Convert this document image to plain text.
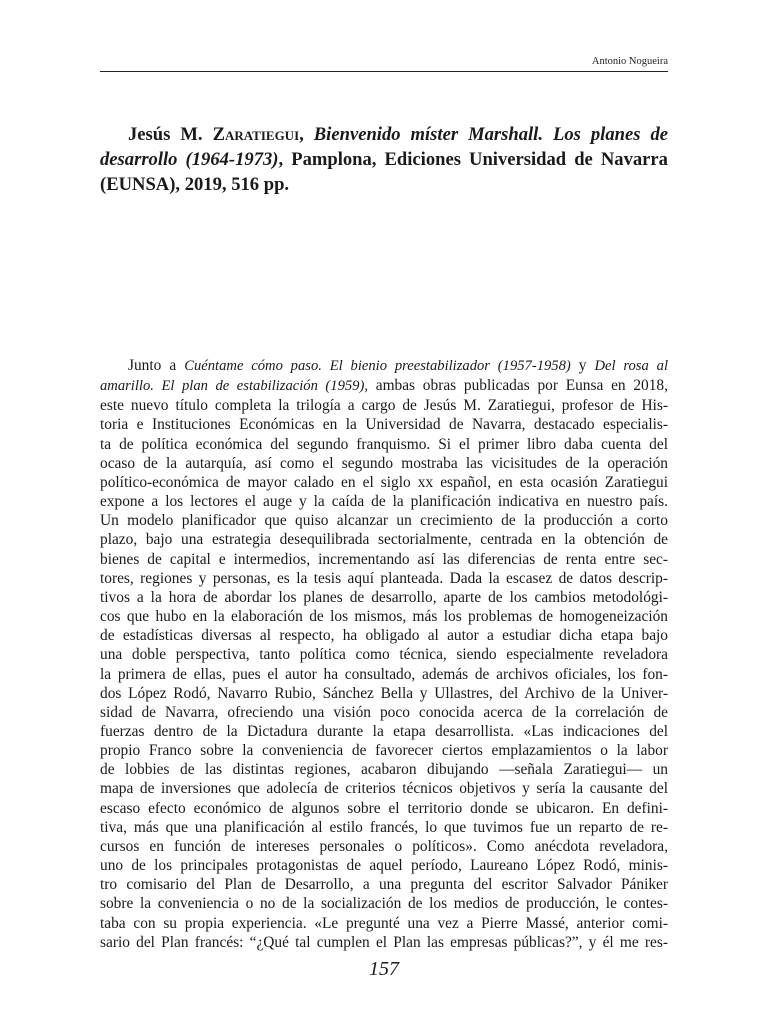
Antonio Nogueira
Jesús M. Zaratiegui, Bienvenido míster Marshall. Los planes de desarrollo (1964-1973), Pamplona, Ediciones Universidad de Navarra (EUNSA), 2019, 516 pp.
Junto a Cuéntame cómo paso. El bienio preestabilizador (1957-1958) y Del rosa al
amarillo. El plan de estabilización (1959), ambas obras publicadas por Eunsa en 2018,
este nuevo título completa la trilogía a cargo de Jesús M. Zaratiegui, profesor de His-
toria e Instituciones Económicas en la Universidad de Navarra, destacado especialis-
ta de política económica del segundo franquismo. Si el primer libro daba cuenta del
ocaso de la autarquía, así como el segundo mostraba las vicisitudes de la operación
político-económica de mayor calado en el siglo xx español, en esta ocasión Zaratiegui
expone a los lectores el auge y la caída de la planificación indicativa en nuestro país.
Un modelo planificador que quiso alcanzar un crecimiento de la producción a corto
plazo, bajo una estrategia desequilibrada sectorialmente, centrada en la obtención de
bienes de capital e intermedios, incrementando así las diferencias de renta entre sec-
tores, regiones y personas, es la tesis aquí planteada. Dada la escasez de datos descrip-
tivos a la hora de abordar los planes de desarrollo, aparte de los cambios metodológi-
cos que hubo en la elaboración de los mismos, más los problemas de homogeneización
de estadísticas diversas al respecto, ha obligado al autor a estudiar dicha etapa bajo
una doble perspectiva, tanto política como técnica, siendo especialmente reveladora
la primera de ellas, pues el autor ha consultado, además de archivos oficiales, los fon-
dos López Rodó, Navarro Rubio, Sánchez Bella y Ullastres, del Archivo de la Univer-
sidad de Navarra, ofreciendo una visión poco conocida acerca de la correlación de
fuerzas dentro de la Dictadura durante la etapa desarrollista. «Las indicaciones del
propio Franco sobre la conveniencia de favorecer ciertos emplazamientos o la labor
de lobbies de las distintas regiones, acabaron dibujando —señala Zaratiegui— un
mapa de inversiones que adolecía de criterios técnicos objetivos y sería la causante del
escaso efecto económico de algunos sobre el territorio donde se ubicaron. En defini-
tiva, más que una planificación al estilo francés, lo que tuvimos fue un reparto de re-
cursos en función de intereses personales o políticos». Como anécdota reveladora,
uno de los principales protagonistas de aquel período, Laureano López Rodó, minis-
tro comisario del Plan de Desarrollo, a una pregunta del escritor Salvador Pániker
sobre la conveniencia o no de la socialización de los medios de producción, le contes-
taba con su propia experiencia. «Le pregunté una vez a Pierre Massé, anterior comi-
sario del Plan francés: “¿Qué tal cumplen el Plan las empresas públicas?”, y él me res-
157
